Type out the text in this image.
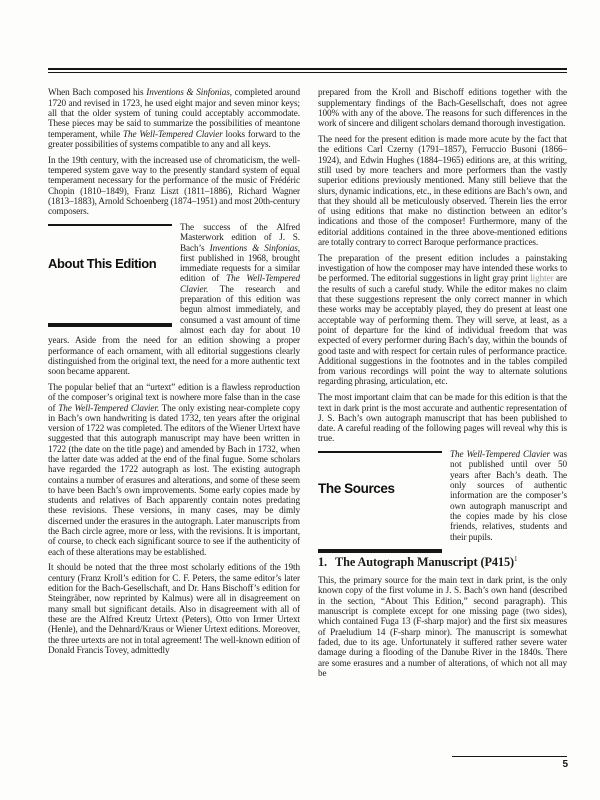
When Bach composed his Inventions & Sinfonias, completed around 1720 and revised in 1723, he used eight major and seven minor keys; all that the older system of tuning could acceptably accommodate. These pieces may be said to summarize the possibilities of meantone temperament, while The Well-Tempered Clavier looks forward to the greater possibilities of systems compatible to any and all keys.

In the 19th century, with the increased use of chromaticism, the well-tempered system gave way to the presently standard system of equal temperament necessary for the performance of the music of Frédéric Chopin (1810–1849), Franz Liszt (1811–1886), Richard Wagner (1813–1883), Arnold Schoenberg (1874–1951) and most 20th-century composers.

About This Edition

The success of the Alfred Masterwork edition of J. S. Bach’s Inventions & Sinfonias, first published in 1968, brought immediate requests for a similar edition of The Well-Tempered Clavier. The research and preparation of this edition was begun almost immediately, and consumed a vast amount of time almost each day for about 10 years. Aside from the need for an edition showing a proper performance of each ornament, with all editorial suggestions clearly distinguished from the original text, the need for a more authentic text soon became apparent.

The popular belief that an “urtext” edition is a flawless reproduction of the composer’s original text is nowhere more false than in the case of The Well-Tempered Clavier. The only existing near-complete copy in Bach’s own handwriting is dated 1732, ten years after the original version of 1722 was completed. The editors of the Wiener Urtext have suggested that this autograph manuscript may have been written in 1722 (the date on the title page) and amended by Bach in 1732, when the latter date was added at the end of the final fugue. Some scholars have regarded the 1722 autograph as lost. The existing autograph contains a number of erasures and alterations, and some of these seem to have been Bach’s own improvements. Some early copies made by students and relatives of Bach apparently contain notes predating these revisions. These versions, in many cases, may be dimly discerned under the erasures in the autograph. Later manuscripts from the Bach circle agree, more or less, with the revisions. It is important, of course, to check each significant source to see if the authenticity of each of these alterations may be established.

It should be noted that the three most scholarly editions of the 19th century (Franz Kroll’s edition for C. F. Peters, the same editor’s later edition for the Bach-Gesellschaft, and Dr. Hans Bischoff’s edition for Steingräber, now reprinted by Kalmus) were all in disagreement on many small but significant details. Also in disagreement with all of these are the Alfred Kreutz Urtext (Peters), Otto von Irmer Urtext (Henle), and the Dehnard/Kraus or Wiener Urtext editions. Moreover, the three urtexts are not in total agreement! The well-known edition of Donald Francis Tovey, admittedly

prepared from the Kroll and Bischoff editions together with the supplementary findings of the Bach-Gesellschaft, does not agree 100% with any of the above. The reasons for such differences in the work of sincere and diligent scholars demand thorough investigation.

The need for the present edition is made more acute by the fact that the editions Carl Czerny (1791–1857), Ferruccio Busoni (1866–1924), and Edwin Hughes (1884–1965) editions are, at this writing, still used by more teachers and more performers than the vastly superior editions previously mentioned. Many still believe that the slurs, dynamic indications, etc., in these editions are Bach’s own, and that they should all be meticulously observed. Therein lies the error of using editions that make no distinction between an editor’s indications and those of the composer! Furthermore, many of the editorial additions contained in the three above-mentioned editions are totally contrary to correct Baroque performance practices.

The preparation of the present edition includes a painstaking investigation of how the composer may have intended these works to be performed. The editorial suggestions in light gray print lighter are the results of such a careful study. While the editor makes no claim that these suggestions represent the only correct manner in which these works may be acceptably played, they do present at least one acceptable way of performing them. They will serve, at least, as a point of departure for the kind of individual freedom that was expected of every performer during Bach’s day, within the bounds of good taste and with respect for certain rules of performance practice. Additional suggestions in the footnotes and in the tables compiled from various recordings will point the way to alternate solutions regarding phrasing, articulation, etc.

The most important claim that can be made for this edition is that the text in dark print is the most accurate and authentic representation of J. S. Bach’s own autograph manuscript that has been published to date. A careful reading of the following pages will reveal why this is true.

The Sources

The Well-Tempered Clavier was not published until over 50 years after Bach’s death. The only sources of authentic information are the composer’s own autograph manuscript and the copies made by his close friends, relatives, students and their pupils.

1. The Autograph Manuscript $(P415)^1$

This, the primary source for the main text in dark print, is the only known copy of the first volume in J. S. Bach’s own hand (described in the section, “About This Edition,” second paragraph). This manuscript is complete except for one missing page (two sides), which contained Fuga 13 (F-sharp major) and the first six measures of Praeludium 14 (F-sharp minor). The manuscript is somewhat faded, due to its age. Unfortunately it suffered rather severe water damage during a flooding of the Danube River in the 1840s. There are some erasures and a number of alterations, of which not all may be

5
